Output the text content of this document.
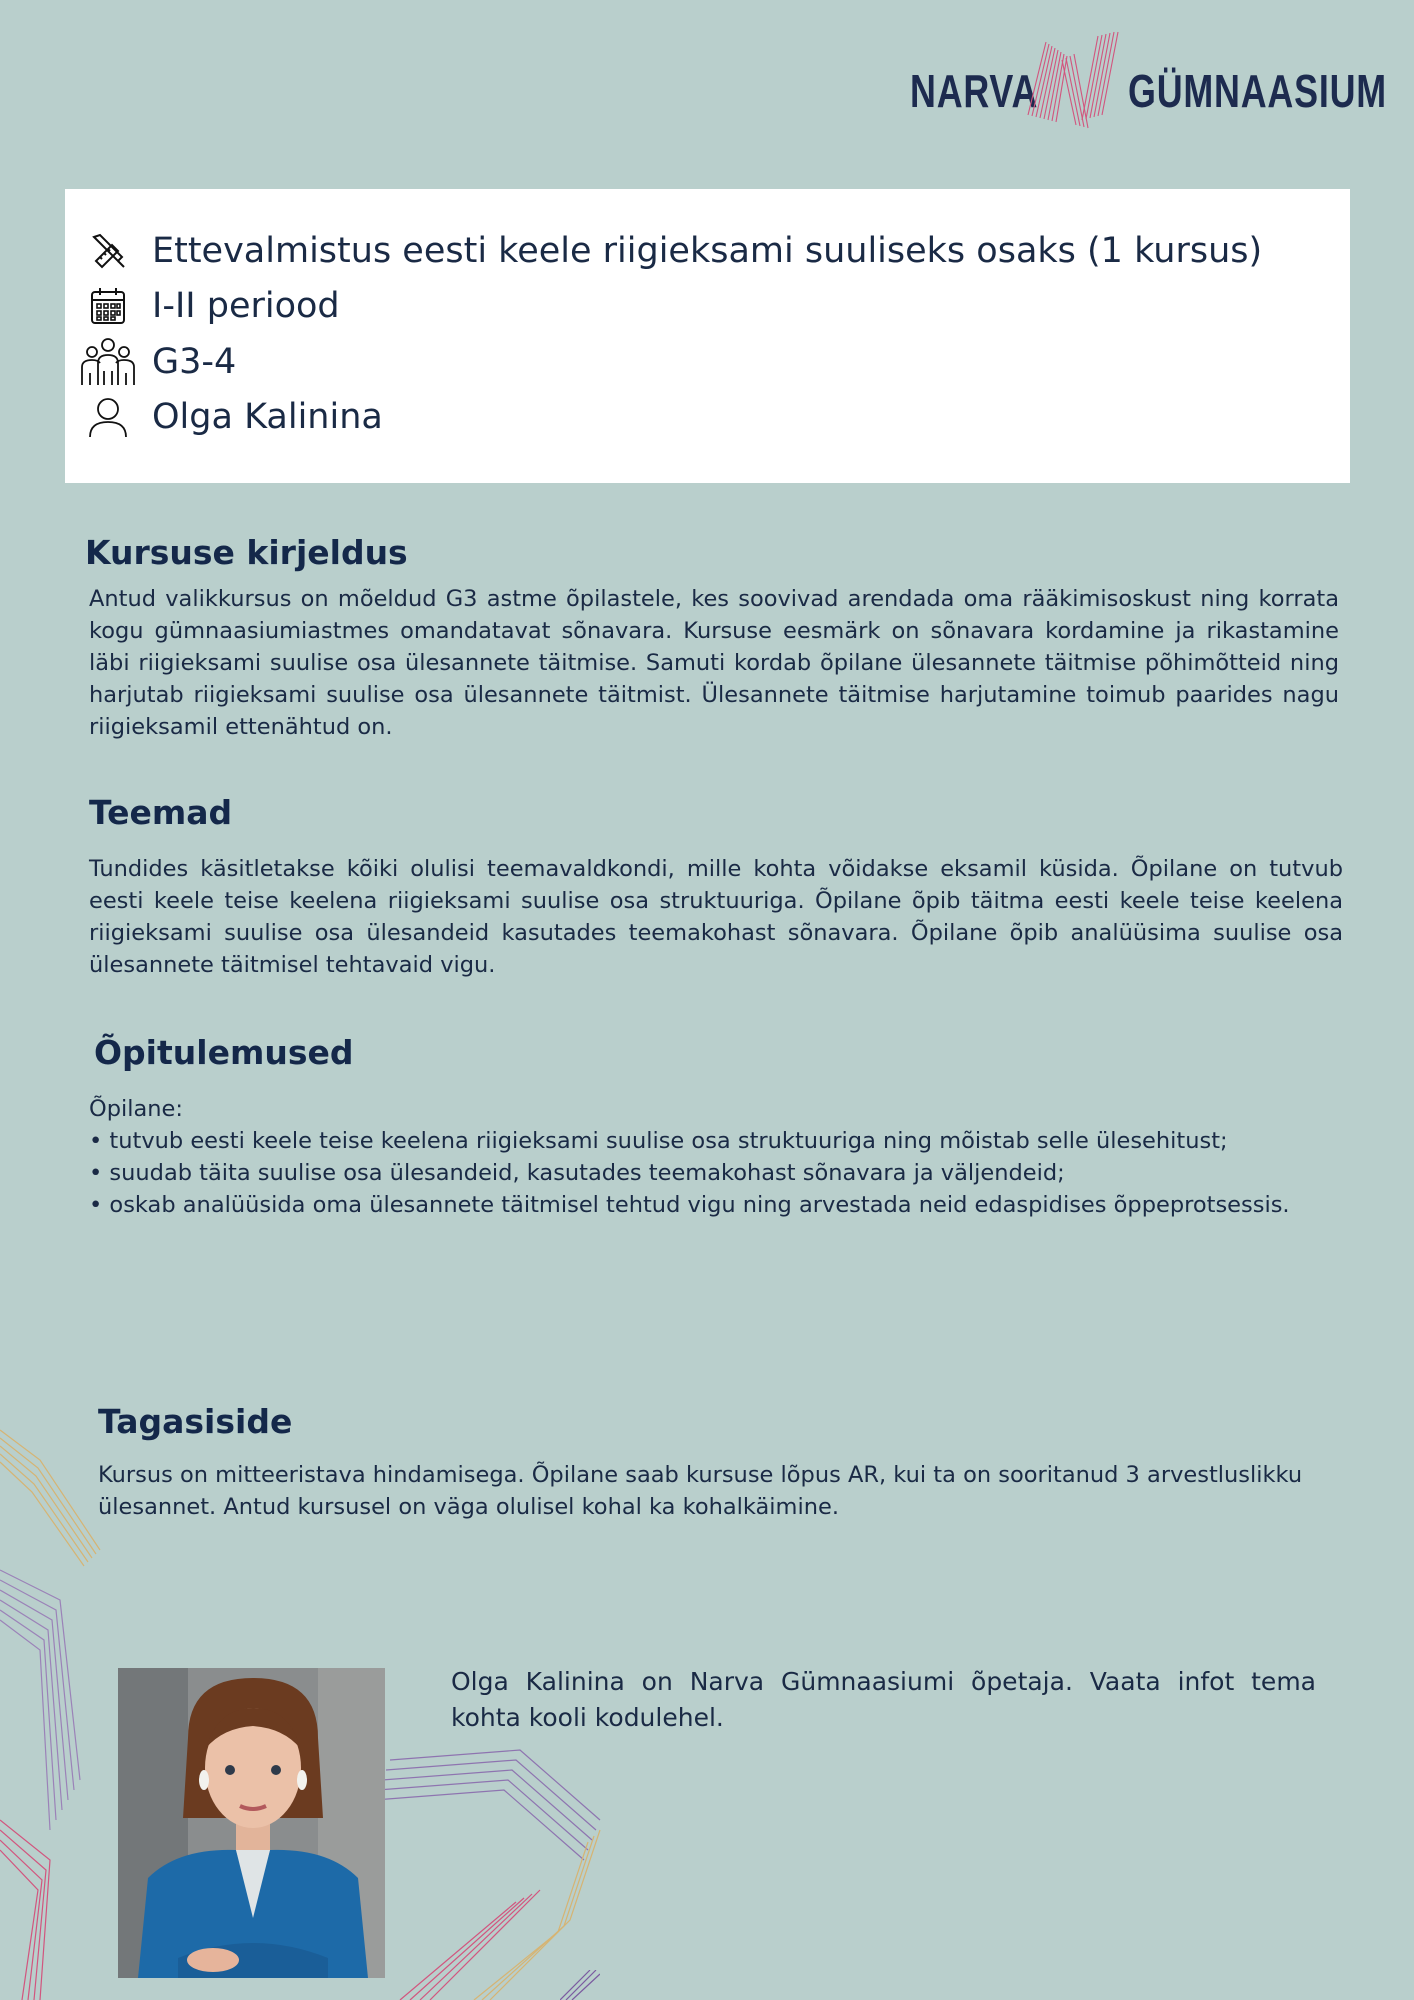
NARVA GÜMNAASIUM
Ettevalmistus eesti keele riigieksami suuliseks osaks (1 kursus)
I-II periood
G3-4
Olga Kalinina
Kursuse kirjeldus

Antud valikkursus on mõeldud G3 astme õpilastele, kes soovivad arendada oma rääkimisoskust ning korrata kogu gümnaasiumiastmes omandatavat sõnavara. Kursuse eesmärk on sõnavara kordamine ja rikastamine läbi riigieksami suulise osa ülesannete täitmise. Samuti kordab õpilane ülesannete täitmise põhimõtteid ning harjutab riigieksami suulise osa ülesannete täitmist. Ülesannete täitmise harjutamine toimub paarides nagu riigieksamil ettenähtud on.

Teemad

Tundides käsitletakse kõiki olulisi teemavaldkondi, mille kohta võidakse eksamil küsida. Õpilane on tutvub eesti keele teise keelena riigieksami suulise osa struktuuriga. Õpilane õpib täitma eesti keele teise keelena riigieksami suulise osa ülesandeid kasutades teemakohast sõnavara. Õpilane õpib analüüsima suulise osa ülesannete täitmisel tehtavaid vigu.

Õpitulemused
Õpilane:
• tutvub eesti keele teise keelena riigieksami suulise osa struktuuriga ning mõistab selle ülesehitust;
• suudab täita suulise osa ülesandeid, kasutades teemakohast sõnavara ja väljendeid;
• oskab analüüsida oma ülesannete täitmisel tehtud vigu ning arvestada neid edaspidises õppeprotsessis.
Tagasiside

Kursus on mitteeristava hindamisega. Õpilane saab kursuse lõpus AR, kui ta on sooritanud 3 arvestluslikku ülesannet. Antud kursusel on väga olulisel kohal ka kohalkäimine.

Olga Kalinina on Narva Gümnaasiumi õpetaja. Vaata infot tema kohta kooli kodulehel.
